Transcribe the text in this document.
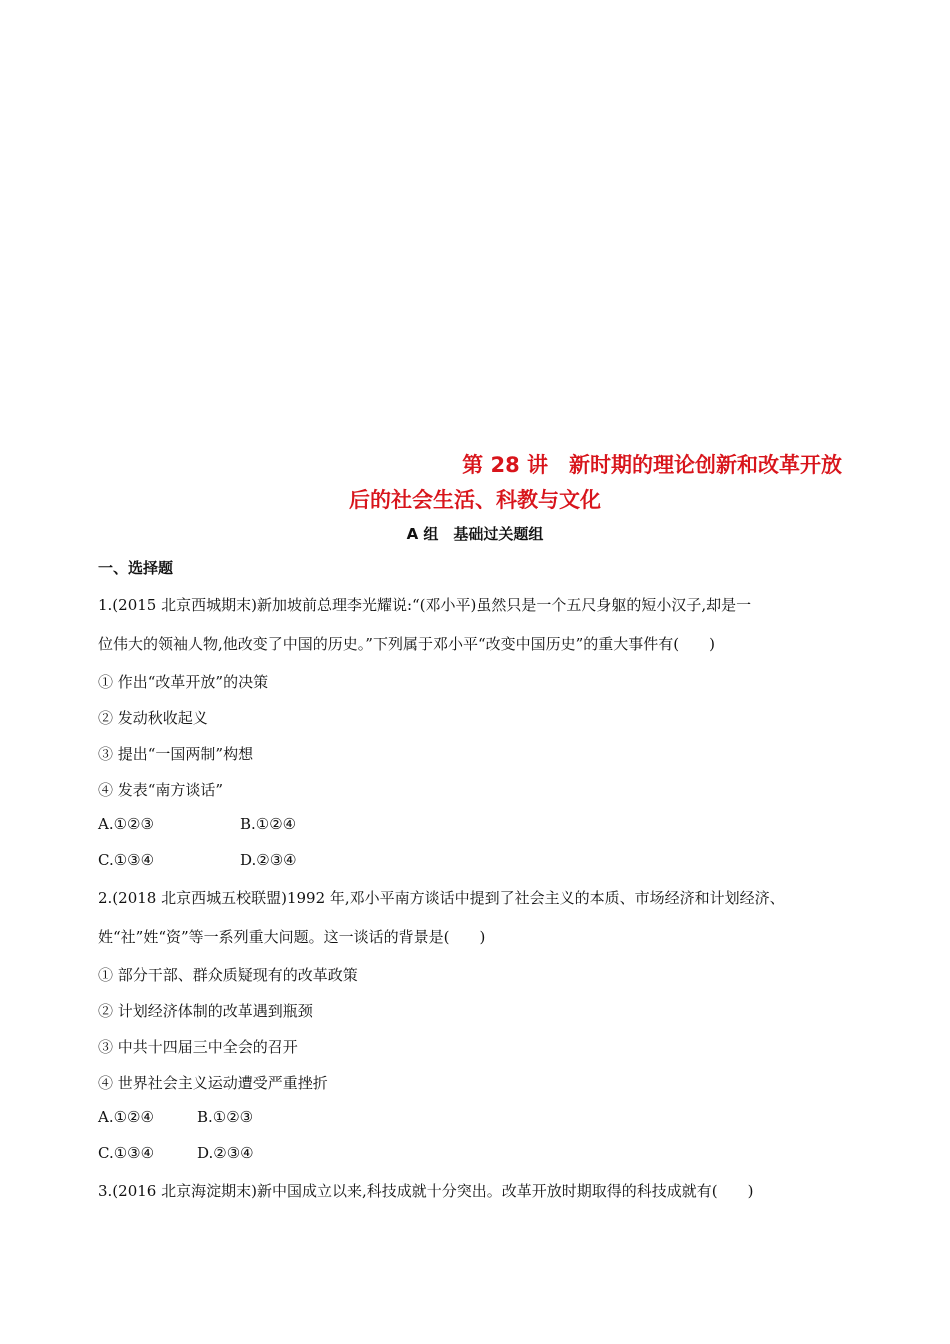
第 28 讲　新时期的理论创新和改革开放
后的社会生活、科教与文化
A 组　基础过关题组
一、选择题
1.(2015 北京西城期末)新加坡前总理李光耀说:“(邓小平)虽然只是一个五尺身躯的短小汉子,却是一
位伟大的领袖人物,他改变了中国的历史。”下列属于邓小平“改变中国历史”的重大事件有(　　)
① 作出“改革开放”的决策
② 发动秋收起义
③ 提出“一国两制”构想
④ 发表“南方谈话”
A.①②③	B.①②④
C.①③④	D.②③④
2.(2018 北京西城五校联盟)1992 年,邓小平南方谈话中提到了社会主义的本质、市场经济和计划经济、
姓“社”姓“资”等一系列重大问题。这一谈话的背景是(　　)
① 部分干部、群众质疑现有的改革政策
② 计划经济体制的改革遇到瓶颈
③ 中共十四届三中全会的召开
④ 世界社会主义运动遭受严重挫折
A.①②④	B.①②③
C.①③④	D.②③④
3.(2016 北京海淀期末)新中国成立以来,科技成就十分突出。改革开放时期取得的科技成就有(　　)
